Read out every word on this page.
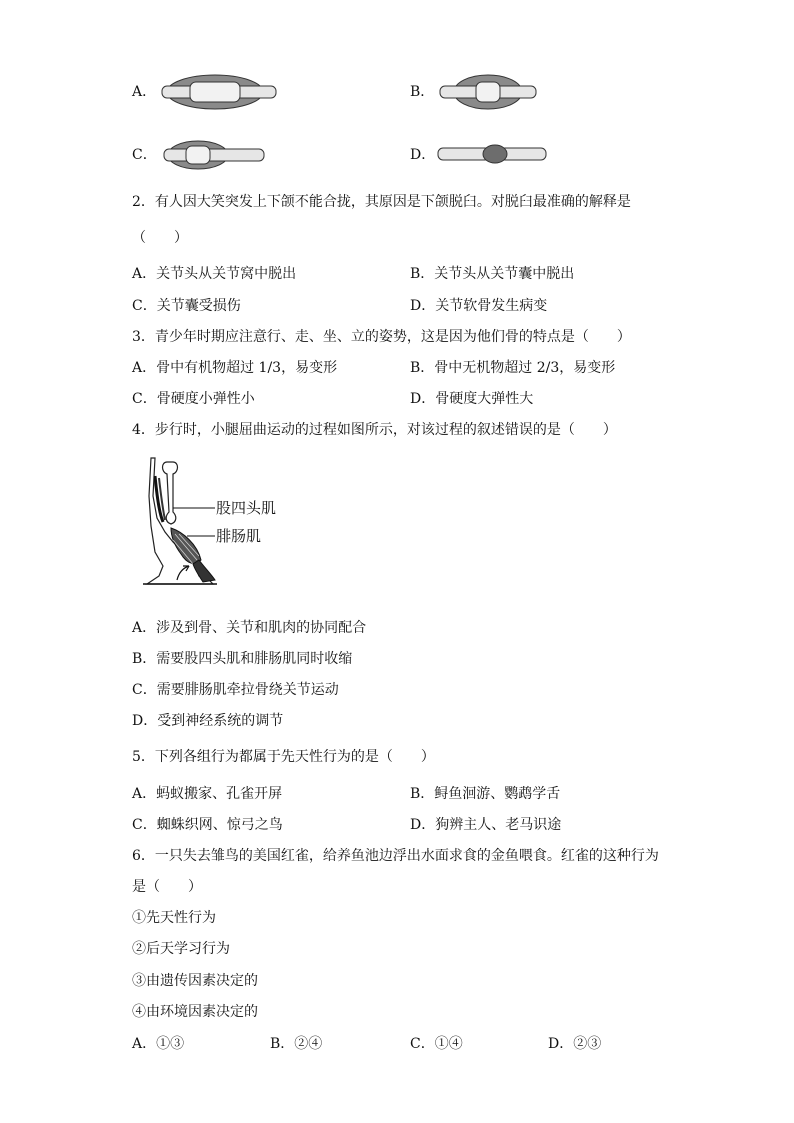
A．	B．
C．	D．
2．有人因大笑突发上下颌不能合拢，其原因是下颌脱臼。对脱臼最准确的解释是
（　　）
A．关节头从关节窝中脱出	B．关节头从关节囊中脱出
C．关节囊受损伤	D．关节软骨发生病变
3．青少年时期应注意行、走、坐、立的姿势，这是因为他们骨的特点是（　　）
A．骨中有机物超过 1/3，易变形	B．骨中无机物超过 2/3，易变形
C．骨硬度小弹性小	D．骨硬度大弹性大
4．步行时，小腿屈曲运动的过程如图所示，对该过程的叙述错误的是（　　）
股四头肌
腓肠肌
A．涉及到骨、关节和肌肉的协同配合
B．需要股四头肌和腓肠肌同时收缩
C．需要腓肠肌牵拉骨绕关节运动
D．受到神经系统的调节
5．下列各组行为都属于先天性行为的是（　　）
A．蚂蚁搬家、孔雀开屏	B．鲟鱼洄游、鹦鹉学舌
C．蜘蛛织网、惊弓之鸟	D．狗辨主人、老马识途
6．一只失去雏鸟的美国红雀，给养鱼池边浮出水面求食的金鱼喂食。红雀的这种行为
是（　　）
①先天性行为
②后天学习行为
③由遗传因素决定的
④由环境因素决定的
A．①③	B．②④	C．①④	D．②③
